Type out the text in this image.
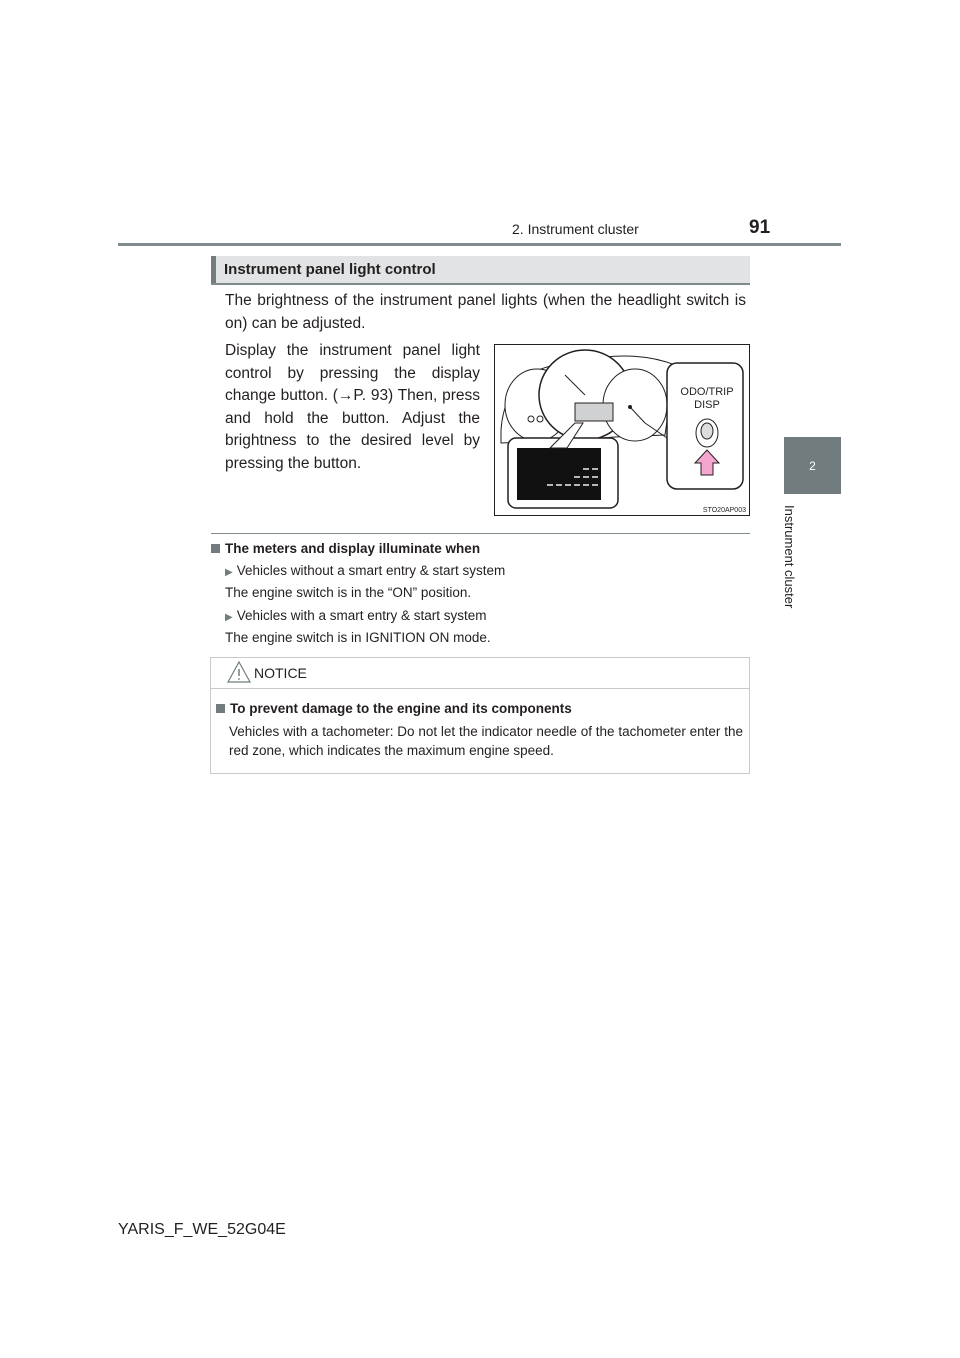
2. Instrument cluster	91
2
Instrument cluster
Instrument panel light control
The brightness of the instrument panel lights (when the headlight switch is on) can be adjusted.
Display the instrument panel light control by pressing the display change button. (→P. 93) Then, press and hold the button. Adjust the brightness to the desired level by pressing the button.
ODO/TRIP
DISP
STO20AP003
The meters and display illuminate when
▶ Vehicles without a smart entry & start system
The engine switch is in the “ON” position.
▶ Vehicles with a smart entry & start system
The engine switch is in IGNITION ON mode.
NOTICE
To prevent damage to the engine and its components
Vehicles with a tachometer: Do not let the indicator needle of the tachometer enter the red zone, which indicates the maximum engine speed.
YARIS_F_WE_52G04E
